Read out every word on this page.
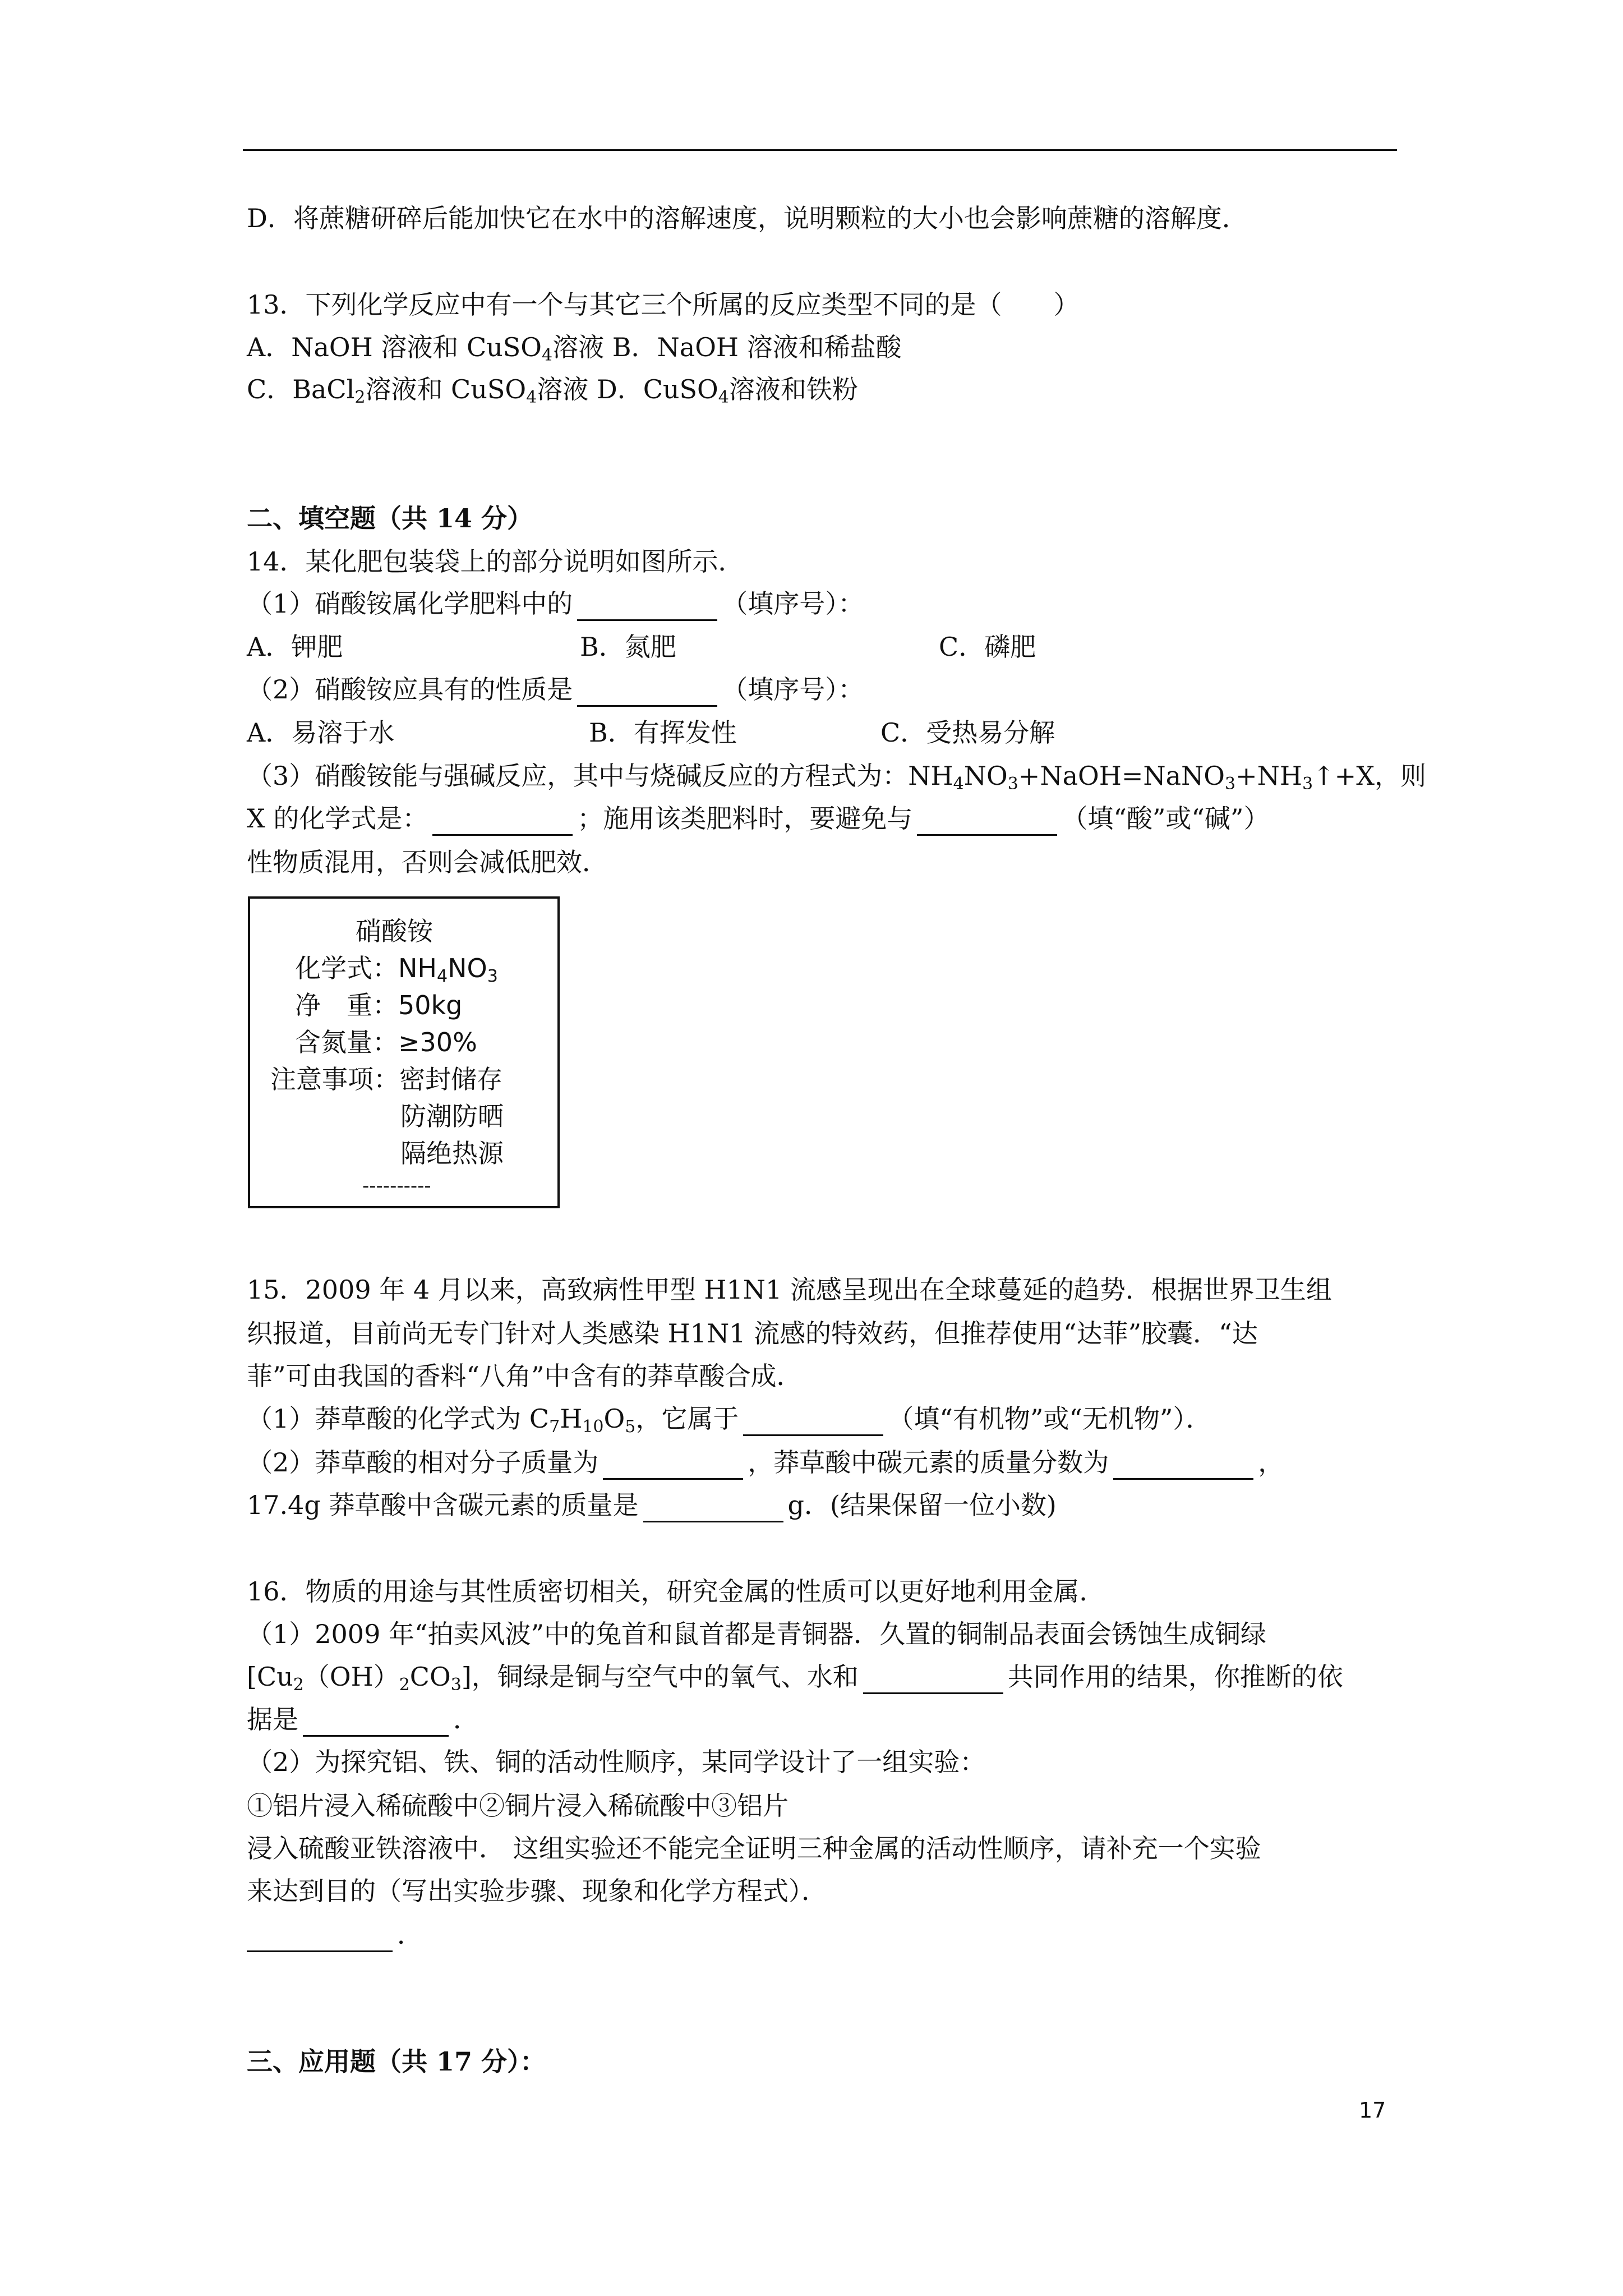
D．将蔗糖研碎后能加快它在水中的溶解速度，说明颗粒的大小也会影响蔗糖的溶解度．
13．下列化学反应中有一个与其它三个所属的反应类型不同的是（　　）
A．NaOH 溶液和 CuSO$_4$溶液 B．NaOH 溶液和稀盐酸
C．BaCl$_2$溶液和 CuSO$_4$溶液 D．CuSO$_4$溶液和铁粉
二、填空题（共 14 分）
14．某化肥包装袋上的部分说明如图所示．
（1）硝酸铵属化学肥料中的	（填序号）：
A．钾肥	B．氮肥	C．磷肥
（2）硝酸铵应具有的性质是	（填序号）：
A．易溶于水	B．有挥发性	C．受热易分解
（3）硝酸铵能与强碱反应，其中与烧碱反应的方程式为：$NH_4NO_3+NaOH=NaNO_3+NH_3↑+X$，则
X 的化学式是：	；施用该类肥料时，要避免与	（填“酸”或“碱”）
性物质混用，否则会减低肥效．
硝酸铵
化学式：$NH_4NO_3$
净　重：50kg
含氮量：≥30%
注意事项：密封储存
防潮防晒
隔绝热源
----------
15．2009 年 4 月以来，高致病性甲型 H1N1 流感呈现出在全球蔓延的趋势．根据世界卫生组
织报道，目前尚无专门针对人类感染 H1N1 流感的特效药，但推荐使用“达菲”胶囊．“达
菲”可由我国的香料“八角”中含有的莽草酸合成．
（1）莽草酸的化学式为 $C_7H_{10}O_5$，它属于	（填“有机物”或“无机物”）．
（2）莽草酸的相对分子质量为	，莽草酸中碳元素的质量分数为	，
17.4g 莽草酸中含碳元素的质量是	g．(结果保留一位小数)
16．物质的用途与其性质密切相关，研究金属的性质可以更好地利用金属．
（1）2009 年“拍卖风波”中的兔首和鼠首都是青铜器．久置的铜制品表面会锈蚀生成铜绿
$[Cu_2(OH)_2CO_3]$，铜绿是铜与空气中的氧气、水和	共同作用的结果，你推断的依
据是	．
（2）为探究铝、铁、铜的活动性顺序，某同学设计了一组实验：
①铝片浸入稀硫酸中②铜片浸入稀硫酸中③铝片
浸入硫酸亚铁溶液中． 这组实验还不能完全证明三种金属的活动性顺序，请补充一个实验
来达到目的（写出实验步骤、现象和化学方程式）．
．
三、应用题（共 17 分）：
17
